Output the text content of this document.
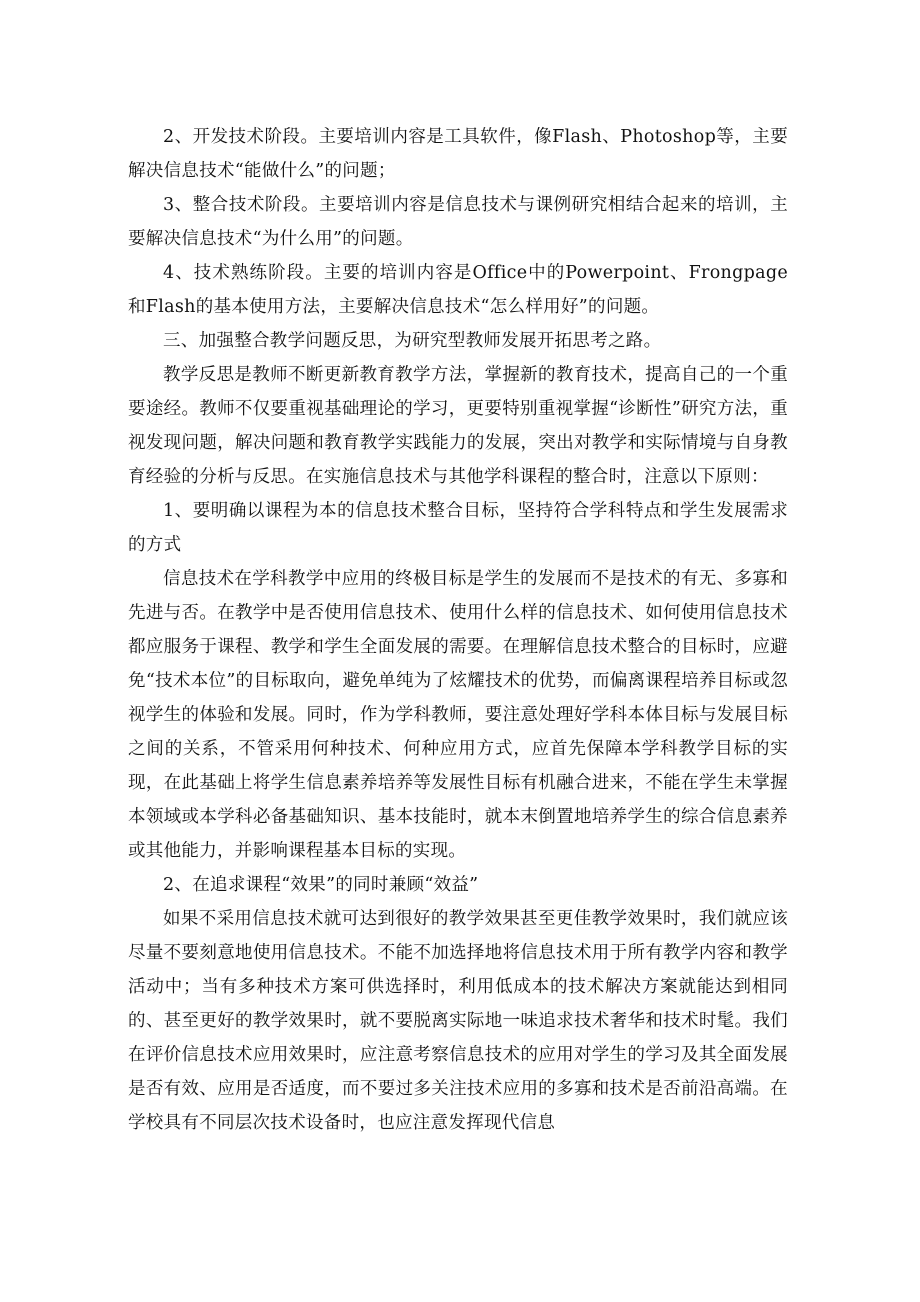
2、开发技术阶段。主要培训内容是工具软件，像Flash、Photoshop等，主要解决信息技术“能做什么”的问题；

3、整合技术阶段。主要培训内容是信息技术与课例研究相结合起来的培训，主要解决信息技术“为什么用”的问题。

4、技术熟练阶段。主要的培训内容是Office中的Powerpoint、Frongpage和Flash的基本使用方法，主要解决信息技术“怎么样用好”的问题。

三、加强整合教学问题反思，为研究型教师发展开拓思考之路。

教学反思是教师不断更新教育教学方法，掌握新的教育技术，提高自己的一个重要途经。教师不仅要重视基础理论的学习，更要特别重视掌握“诊断性”研究方法，重视发现问题，解决问题和教育教学实践能力的发展，突出对教学和实际情境与自身教育经验的分析与反思。在实施信息技术与其他学科课程的整合时，注意以下原则：

1、要明确以课程为本的信息技术整合目标，坚持符合学科特点和学生发展需求的方式

信息技术在学科教学中应用的终极目标是学生的发展而不是技术的有无、多寡和先进与否。在教学中是否使用信息技术、使用什么样的信息技术、如何使用信息技术都应服务于课程、教学和学生全面发展的需要。在理解信息技术整合的目标时，应避免“技术本位”的目标取向，避免单纯为了炫耀技术的优势，而偏离课程培养目标或忽视学生的体验和发展。同时，作为学科教师，要注意处理好学科本体目标与发展目标之间的关系，不管采用何种技术、何种应用方式，应首先保障本学科教学目标的实现，在此基础上将学生信息素养培养等发展性目标有机融合进来，不能在学生未掌握本领域或本学科必备基础知识、基本技能时，就本末倒置地培养学生的综合信息素养或其他能力，并影响课程基本目标的实现。

2、在追求课程“效果”的同时兼顾“效益”

如果不采用信息技术就可达到很好的教学效果甚至更佳教学效果时，我们就应该尽量不要刻意地使用信息技术。不能不加选择地将信息技术用于所有教学内容和教学活动中；当有多种技术方案可供选择时，利用低成本的技术解决方案就能达到相同的、甚至更好的教学效果时，就不要脱离实际地一味追求技术奢华和技术时髦。我们在评价信息技术应用效果时，应注意考察信息技术的应用对学生的学习及其全面发展是否有效、应用是否适度，而不要过多关注技术应用的多寡和技术是否前沿高端。在学校具有不同层次技术设备时，也应注意发挥现代信息
